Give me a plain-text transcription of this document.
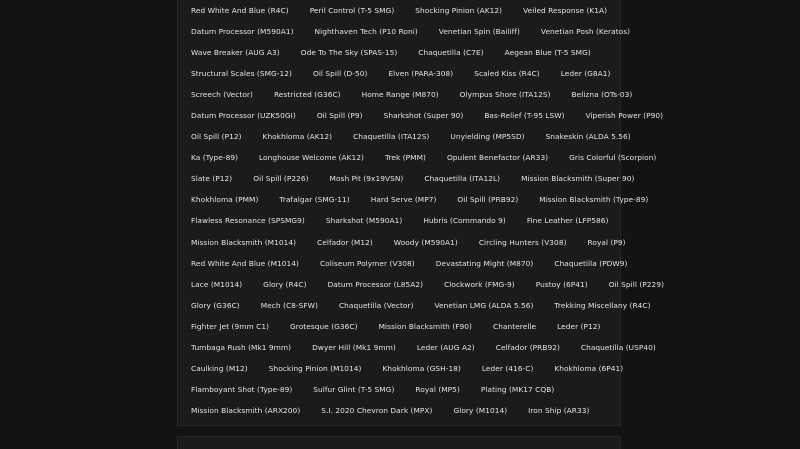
Red White And Blue (R4C)	Peril Control (T-5 SMG)	Shocking Pinion (AK12)	Veiled Response (K1A)
Datum Processor (M590A1)	Nighthaven Tech (P10 Roni)	Venetian Spin (Bailiff)	Venetian Posh (Keratos)
Wave Breaker (AUG A3)	Ode To The Sky (SPAS-15)	Chaquetilla (C7E)	Aegean Blue (T-5 SMG)
Structural Scales (SMG-12)	Oil Spill (D-50)	Elven (PARA-308)	Scaled Kiss (R4C)	Leder (G8A1)
Screech (Vector)	Restricted (G36C)	Home Range (M870)	Olympus Shore (ITA12S)	Belizna (OTs-03)
Datum Processor (UZK50GI)	Oil Spill (P9)	Sharkshot (Super 90)	Bas-Relief (T-95 LSW)	Viperish Power (P90)
Oil Spill (P12)	Khokhloma (AK12)	Chaquetilla (ITA12S)	Unyielding (MP5SD)	Snakeskin (ALDA 5.56)
Ka (Type-89)	Longhouse Welcome (AK12)	Trek (PMM)	Opulent Benefactor (AR33)	Gris Colorful (Scorpion)
Slate (P12)	Oil Spill (P226)	Mosh Pit (9x19VSN)	Chaquetilla (ITA12L)	Mission Blacksmith (Super 90)
Khokhloma (PMM)	Trafalgar (SMG-11)	Hard Serve (MP7)	Oil Spill (PRB92)	Mission Blacksmith (Type-89)
Flawless Resonance (SPSMG9)	Sharkshot (M590A1)	Hubris (Commando 9)	Fine Leather (LFP586)
Mission Blacksmith (M1014)	Celfador (M12)	Woody (M590A1)	Circling Hunters (V308)	Royal (P9)
Red White And Blue (M1014)	Coliseum Polymer (V308)	Devastating Might (M870)	Chaquetilla (PDW9)
Lace (M1014)	Glory (R4C)	Datum Processor (L85A2)	Clockwork (FMG-9)	Pustoy (6P41)	Oil Spill (P229)
Glory (G36C)	Mech (C8-SFW)	Chaquetilla (Vector)	Venetian LMG (ALDA 5.56)	Trekking Miscellany (R4C)
Fighter Jet (9mm C1)	Grotesque (G36C)	Mission Blacksmith (F90)	Chanterelle	Leder (P12)
Tumbaga Rush (Mk1 9mm)	Dwyer Hill (Mk1 9mm)	Leder (AUG A2)	Celfador (PRB92)	Chaquetilla (USP40)
Caulking (M12)	Shocking Pinion (M1014)	Khokhloma (GSH-18)	Leder (416-C)	Khokhloma (6P41)
Flamboyant Shot (Type-89)	Sulfur Glint (T-5 SMG)	Royal (MP5)	Plating (MK17 CQB)
Mission Blacksmith (ARX200)	S.I. 2020 Chevron Dark (MPX)	Glory (M1014)	Iron Ship (AR33)
